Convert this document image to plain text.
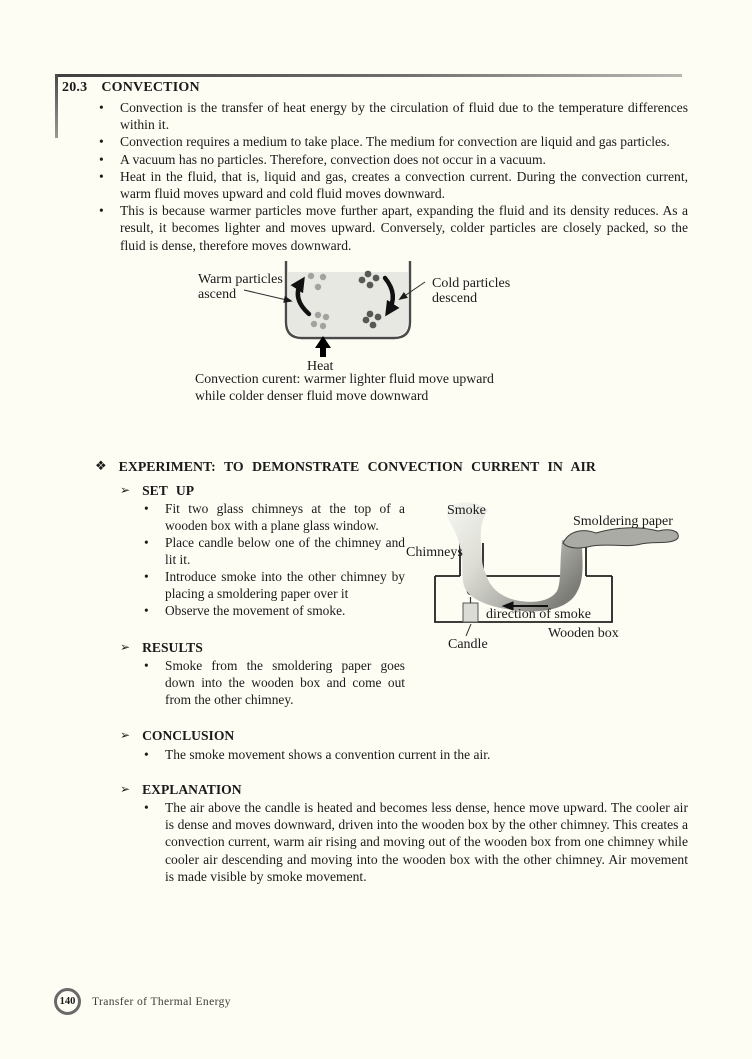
20.3 CONVECTION
• Convection is the transfer of heat energy by the circulation of fluid due to the temperature differences within it.
• Convection requires a medium to take place. The medium for convection are liquid and gas particles.
• A vacuum has no particles. Therefore, convection does not occur in a vacuum.
• Heat in the fluid, that is, liquid and gas, creates a convection current. During the convection current, warm fluid moves upward and cold fluid moves downward.
• This is because warmer particles move further apart, expanding the fluid and its density reduces. As a result, it becomes lighter and moves upward. Conversely, colder particles are closely packed, so the fluid is dense, therefore moves downward.
Warm particles
ascend
Cold particles
descend
Heat
Convection curent: warmer lighter fluid move upward
while colder denser fluid move downward
❖ EXPERIMENT: TO DEMONSTRATE CONVECTION CURRENT IN AIR
➢ SET UP
• Fit two glass chimneys at the top of a wooden box with a plane glass window.
• Place candle below one of the chimney and lit it.
• Introduce smoke into the other chimney by placing a smoldering paper over it
• Observe the movement of smoke.
Smoke
Smoldering paper
Chimneys
direction of smoke
Wooden box
Candle
➢ RESULTS
• Smoke from the smoldering paper goes down into the wooden box and come out from the other chimney.
➢ CONCLUSION
• The smoke movement shows a convention current in the air.
➢ EXPLANATION
• The air above the candle is heated and becomes less dense, hence move upward. The cooler air is dense and moves downward, driven into the wooden box by the other chimney. This creates a convection current, warm air rising and moving out of the wooden box from one chimney while cooler air descending and moving into the wooden box with the other chimney. Air movement is made visible by smoke movement.
140 Transfer of Thermal Energy
